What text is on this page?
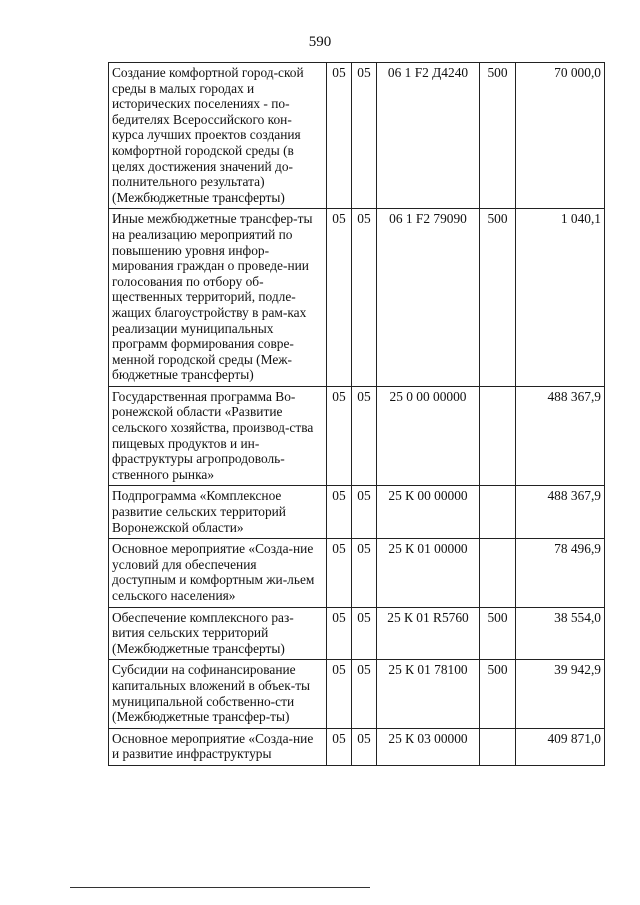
590
Создание комфортной город-ской среды в малых городах и исторических поселениях - по-бедителях Всероссийского кон-курса лучших проектов создания комфортной городской среды (в целях достижения значений до-полнительного результата) (Межбюджетные трансферты)	05	05	06 1 F2 Д4240	500	70 000,0
Иные межбюджетные трансфер-ты на реализацию мероприятий по повышению уровня инфор-мирования граждан о проведе-нии голосования по отбору об-щественных территорий, подле-жащих благоустройству в рам-ках реализации муниципальных программ формирования совре-менной городской среды (Меж-бюджетные трансферты)	05	05	06 1 F2 79090	500	1 040,1
Государственная программа Во-ронежской области «Развитие сельского хозяйства, производ-ства пищевых продуктов и ин-фраструктуры агропродоволь-ственного рынка»	05	05	25 0 00 00000		488 367,9
Подпрограмма «Комплексное развитие сельских территорий Воронежской области»	05	05	25 К 00 00000		488 367,9
Основное мероприятие «Созда-ние условий для обеспечения доступным и комфортным жи-льем сельского населения»	05	05	25 К 01 00000		78 496,9
Обеспечение комплексного раз-вития сельских территорий (Межбюджетные трансферты)	05	05	25 К 01 R5760	500	38 554,0
Субсидии на софинансирование капитальных вложений в объек-ты муниципальной собственно-сти (Межбюджетные трансфер-ты)	05	05	25 К 01 78100	500	39 942,9
Основное мероприятие «Созда-ние и развитие инфраструктуры	05	05	25 К 03 00000		409 871,0
